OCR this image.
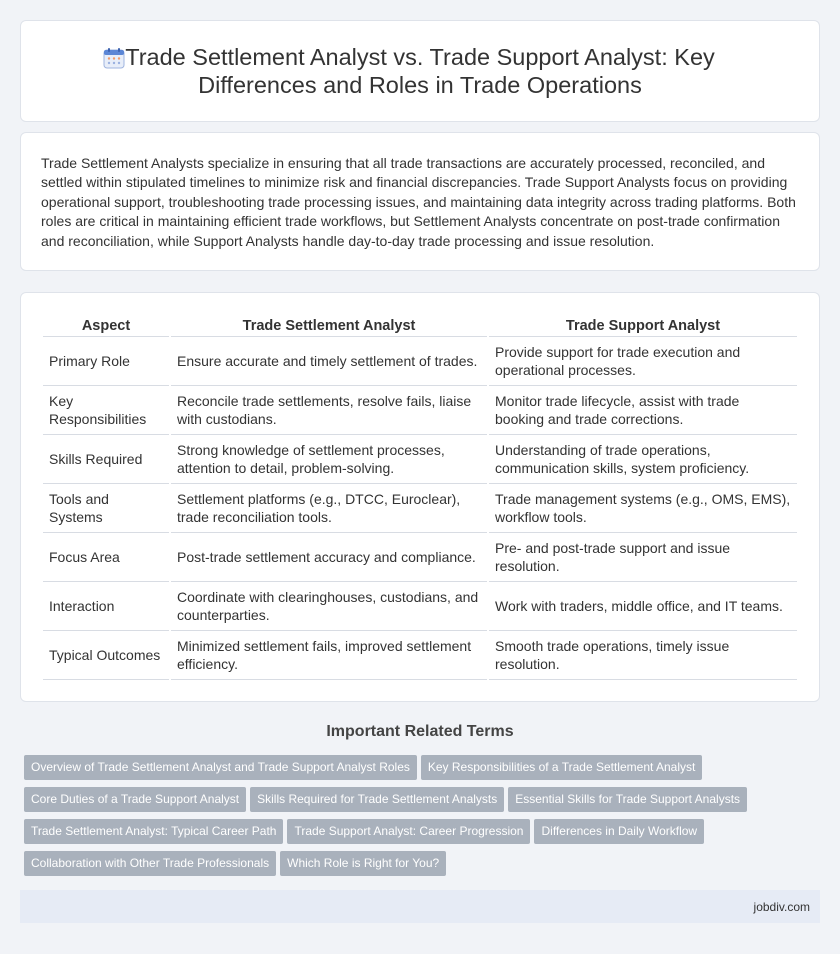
Trade Settlement Analyst vs. Trade Support Analyst: Key Differences and Roles in Trade Operations

Trade Settlement Analysts specialize in ensuring that all trade transactions are accurately processed, reconciled, and settled within stipulated timelines to minimize risk and financial discrepancies. Trade Support Analysts focus on providing operational support, troubleshooting trade processing issues, and maintaining data integrity across trading platforms. Both roles are critical in maintaining efficient trade workflows, but Settlement Analysts concentrate on post-trade confirmation and reconciliation, while Support Analysts handle day-to-day trade processing and issue resolution.

Aspect	Trade Settlement Analyst	Trade Support Analyst
Primary Role	Ensure accurate and timely settlement of trades.	Provide support for trade execution and operational processes.
Key Responsibilities	Reconcile trade settlements, resolve fails, liaise with custodians.	Monitor trade lifecycle, assist with trade booking and trade corrections.
Skills Required	Strong knowledge of settlement processes, attention to detail, problem-solving.	Understanding of trade operations, communication skills, system proficiency.
Tools and Systems	Settlement platforms (e.g., DTCC, Euroclear), trade reconciliation tools.	Trade management systems (e.g., OMS, EMS), workflow tools.
Focus Area	Post-trade settlement accuracy and compliance.	Pre- and post-trade support and issue resolution.
Interaction	Coordinate with clearinghouses, custodians, and counterparties.	Work with traders, middle office, and IT teams.
Typical Outcomes	Minimized settlement fails, improved settlement efficiency.	Smooth trade operations, timely issue resolution.
Important Related Terms
Overview of Trade Settlement Analyst and Trade Support Analyst Roles Key Responsibilities of a Trade Settlement Analyst
Core Duties of a Trade Support Analyst Skills Required for Trade Settlement Analysts Essential Skills for Trade Support Analysts
Trade Settlement Analyst: Typical Career Path Trade Support Analyst: Career Progression Differences in Daily Workflow
Collaboration with Other Trade Professionals Which Role is Right for You?
jobdiv.com
